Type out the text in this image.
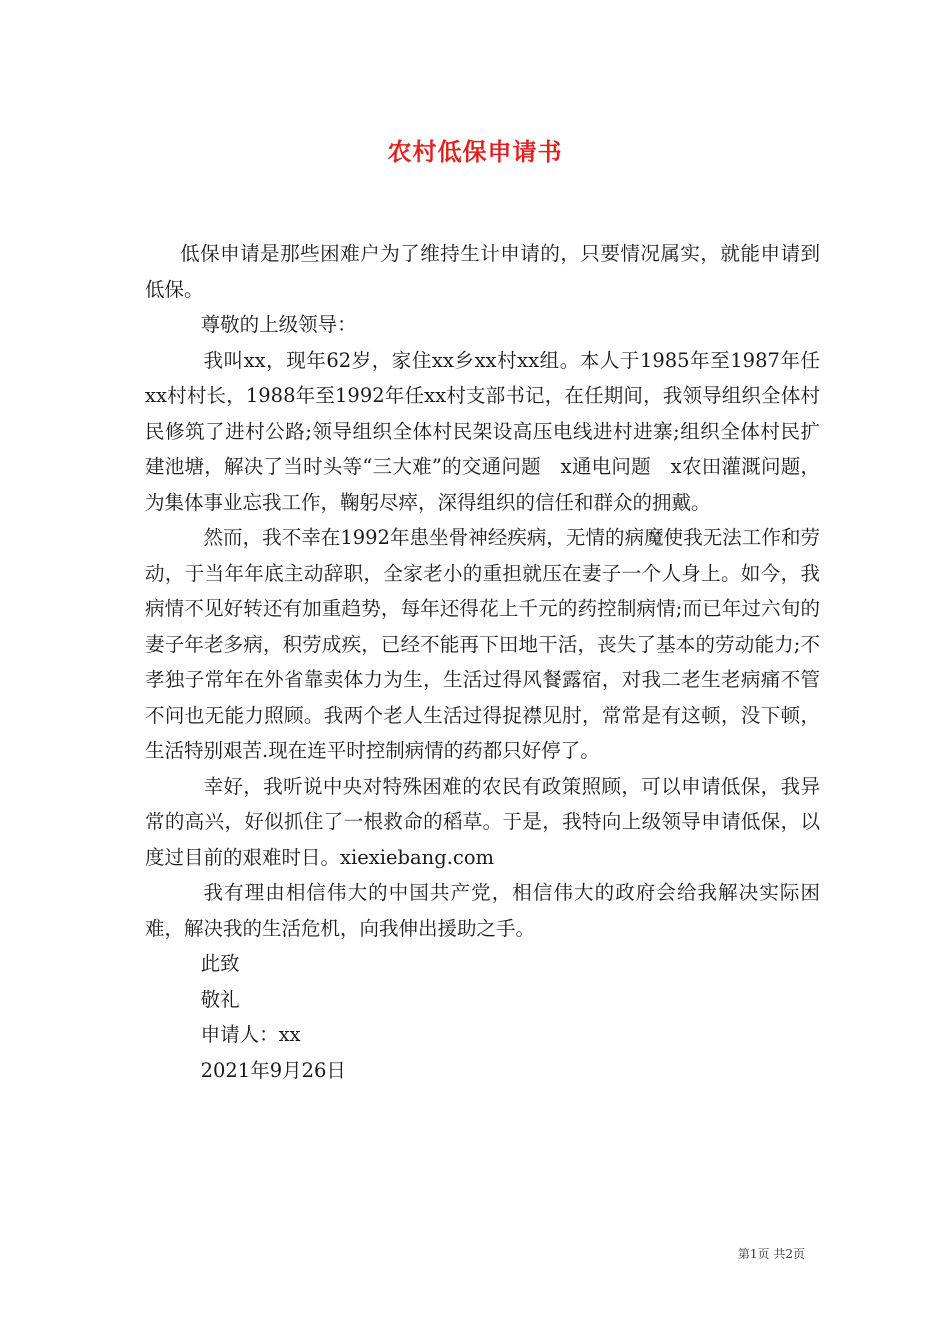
农村低保申请书

低保申请是那些困难户为了维持生计申请的，只要情况属实，就能申请到低保。

尊敬的上级领导：

我叫xx，现年62岁，家住xx乡xx村xx组。本人于1985年至1987年任xx村村长，1988年至1992年任xx村支部书记，在任期间，我领导组织全体村民修筑了进村公路;领导组织全体村民架设高压电线进村进寨;组织全体村民扩建池塘，解决了当时头等“三大难”的交通问题　x通电问题　x农田灌溉问题，为集体事业忘我工作，鞠躬尽瘁，深得组织的信任和群众的拥戴。

然而，我不幸在1992年患坐骨神经疾病，无情的病魔使我无法工作和劳动，于当年年底主动辞职，全家老小的重担就压在妻子一个人身上。如今，我病情不见好转还有加重趋势，每年还得花上千元的药控制病情;而已年过六旬的妻子年老多病，积劳成疾，已经不能再下田地干活，丧失了基本的劳动能力;不孝独子常年在外省靠卖体力为生，生活过得风餐露宿，对我二老生老病痛不管不问也无能力照顾。我两个老人生活过得捉襟见肘，常常是有这顿，没下顿，生活特别艰苦.现在连平时控制病情的药都只好停了。

幸好，我听说中央对特殊困难的农民有政策照顾，可以申请低保，我异常的高兴，好似抓住了一根救命的稻草。于是，我特向上级领导申请低保，以度过目前的艰难时日。xiexiebang.com

我有理由相信伟大的中国共产党，相信伟大的政府会给我解决实际困难，解决我的生活危机，向我伸出援助之手。

此致

敬礼

申请人：xx

2021年9月26日

第1页 共2页
